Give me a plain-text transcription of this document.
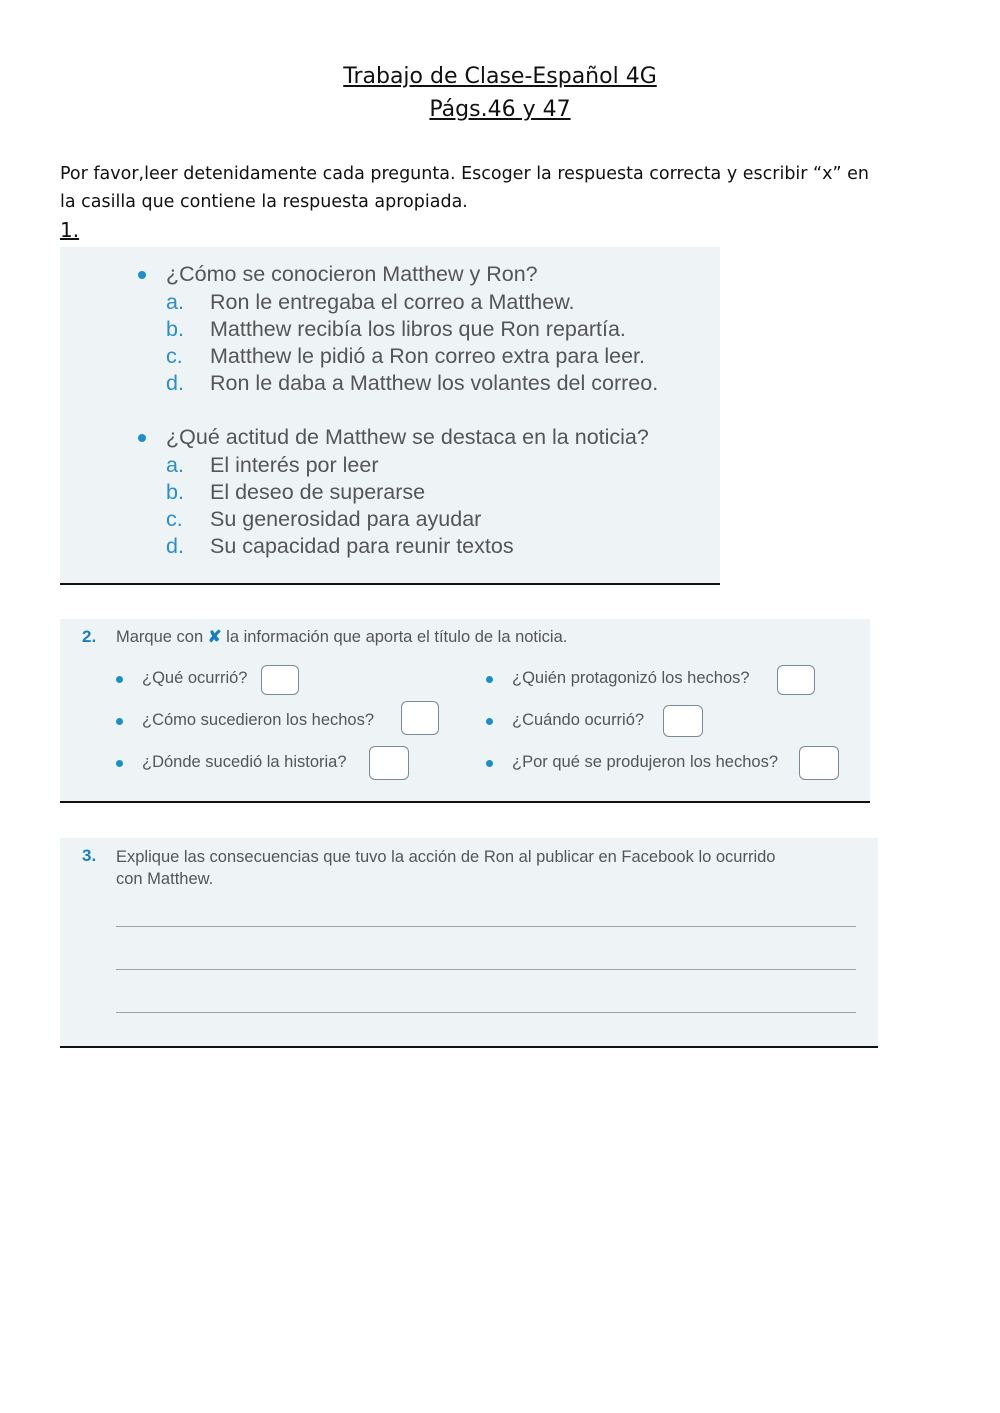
Trabajo de Clase-Español 4G
Págs.46 y 47
Por favor,leer detenidamente cada pregunta. Escoger la respuesta correcta y escribir “x” en
la casilla que contiene la respuesta apropiada.
1.
¿Cómo se conocieron Matthew y Ron?
a. Ron le entregaba el correo a Matthew.
b. Matthew recibía los libros que Ron repartía.
c. Matthew le pidió a Ron correo extra para leer.
d. Ron le daba a Matthew los volantes del correo.
¿Qué actitud de Matthew se destaca en la noticia?
a. El interés por leer
b. El deseo de superarse
c. Su generosidad para ayudar
d. Su capacidad para reunir textos
2. Marque con ✘ la información que aporta el título de la noticia.
¿Qué ocurrió?	¿Quién protagonizó los hechos?
¿Cómo sucedieron los hechos?	¿Cuándo ocurrió?
¿Dónde sucedió la historia?	¿Por qué se produjeron los hechos?
3. Explique las consecuencias que tuvo la acción de Ron al publicar en Facebook lo ocurrido
con Matthew.
